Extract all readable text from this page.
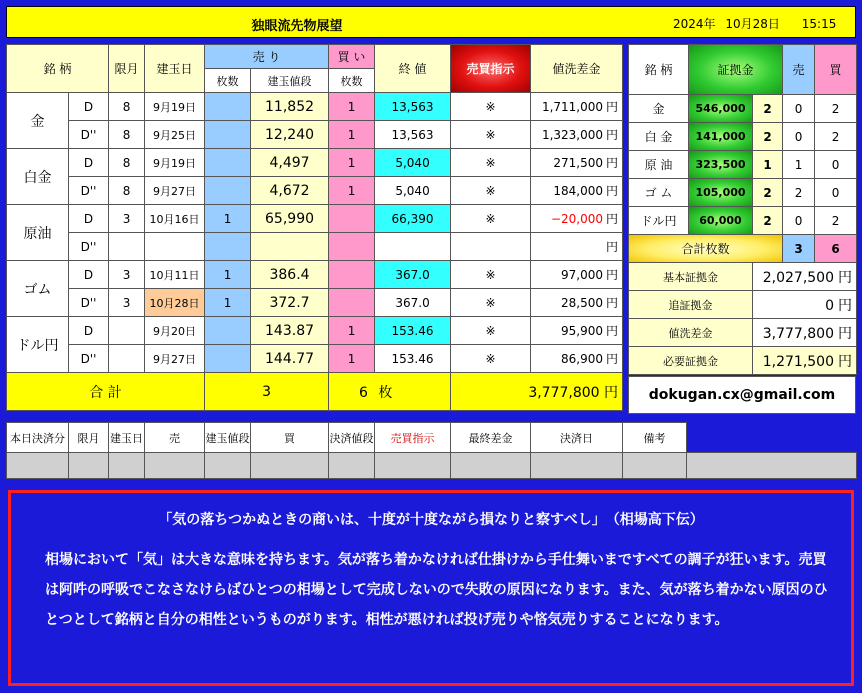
独眼流先物展望	2024年 10月28日 15:15
銘 柄		限月	建玉日	売 り		買 い	終 値	売買指示	値洗差金
				枚数	建玉値段	枚数			
金	D	8	9月19日		11,852	1	13,563	※	1,711,000 円
	D''	8	9月25日		12,240	1	13,563	※	1,323,000 円
白金	D	8	9月19日		4,497	1	5,040	※	271,500 円
	D''	8	9月27日		4,672	1	5,040	※	184,000 円
原油	D	3	10月16日	1	65,990		66,390	※	−20,000 円
	D''								円
ゴム	D	3	10月11日	1	386.4		367.0	※	97,000 円
	D''	3	10月28日	1	372.7		367.0	※	28,500 円
ドル円	D		9月20日		143.87	1	153.46	※	95,900 円
	D''		9月27日		144.77	1	153.46	※	86,900 円
合 計				3		6 枚		3,777,800 円	
銘 柄	証拠金		売	買
金	546,000	2	0	2
白 金	141,000	2	0	2
原 油	323,500	1	1	0
ゴ ム	105,000	2	2	0
ドル円	60,000	2	0	2
合計枚数			3	6
基本証拠金		2,027,500 円		
追証拠金		0 円		
値洗差金		3,777,800 円		
必要証拠金		1,271,500 円		
dokugan.cx@gmail.com
本日決済分	限月	建玉日	売	建玉値段	買	決済値段	売買指示	最終差金	決済日	備考	

「気の落ちつかぬときの商いは、十度が十度ながら損なりと察すべし」　（相場高下伝）
相場において「気」は大きな意味を持ちます。気が落ち着かなければ仕掛けから手仕舞いまですべての調子が狂います。売買は阿吽の呼吸でこなさなけらばひとつの相場として完成しないので失敗の原因になります。また、気が落ち着かない原因のひとつとして銘柄と自分の相性というものがります。相性が悪ければ投げ売りや悋気売りすることになります。
